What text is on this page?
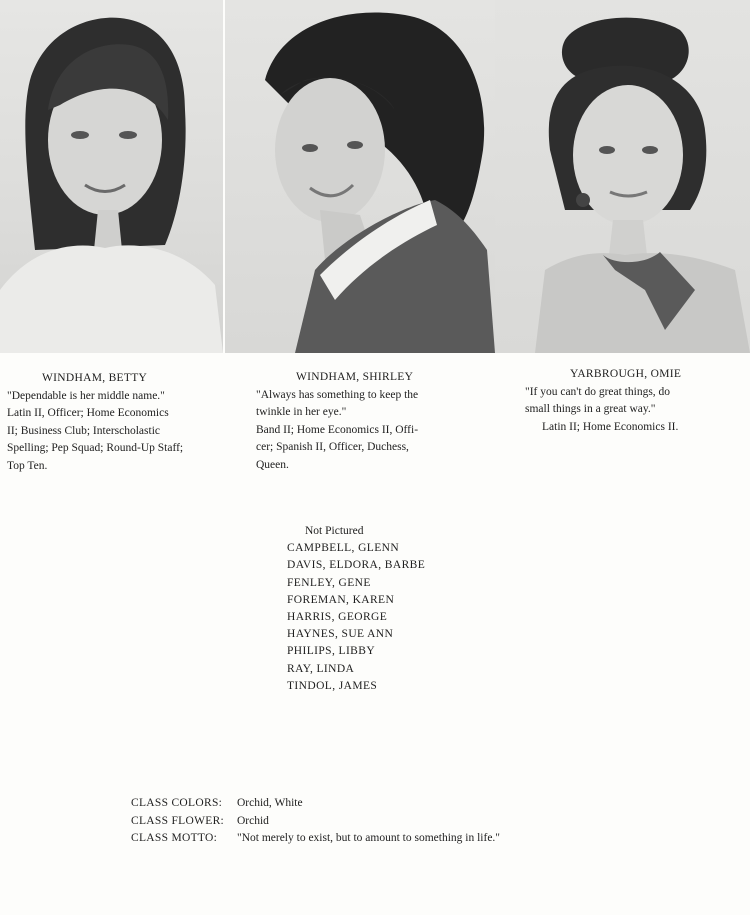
WINDHAM, BETTY

"Dependable is her middle name."

Latin II, Officer; Home Economics

II; Business Club; Interscholastic

Spelling; Pep Squad; Round-Up Staff;

Top Ten.

WINDHAM, SHIRLEY

"Always has something to keep the

twinkle in her eye."

Band II; Home Economics II, Offi-

cer; Spanish II, Officer, Duchess,

Queen.

YARBROUGH, OMIE

"If you can't do great things, do

small things in a great way."

Latin II; Home Economics II.

Not Pictured
CAMPBELL, GLENN
DAVIS, ELDORA, BARBE
FENLEY, GENE
FOREMAN, KAREN
HARRIS, GEORGE
HAYNES, SUE ANN
PHILIPS, LIBBY
RAY, LINDA
TINDOL, JAMES
CLASS COLORS:	Orchid, White
CLASS FLOWER:	Orchid
CLASS MOTTO:	"Not merely to exist, but to amount to something in life."
